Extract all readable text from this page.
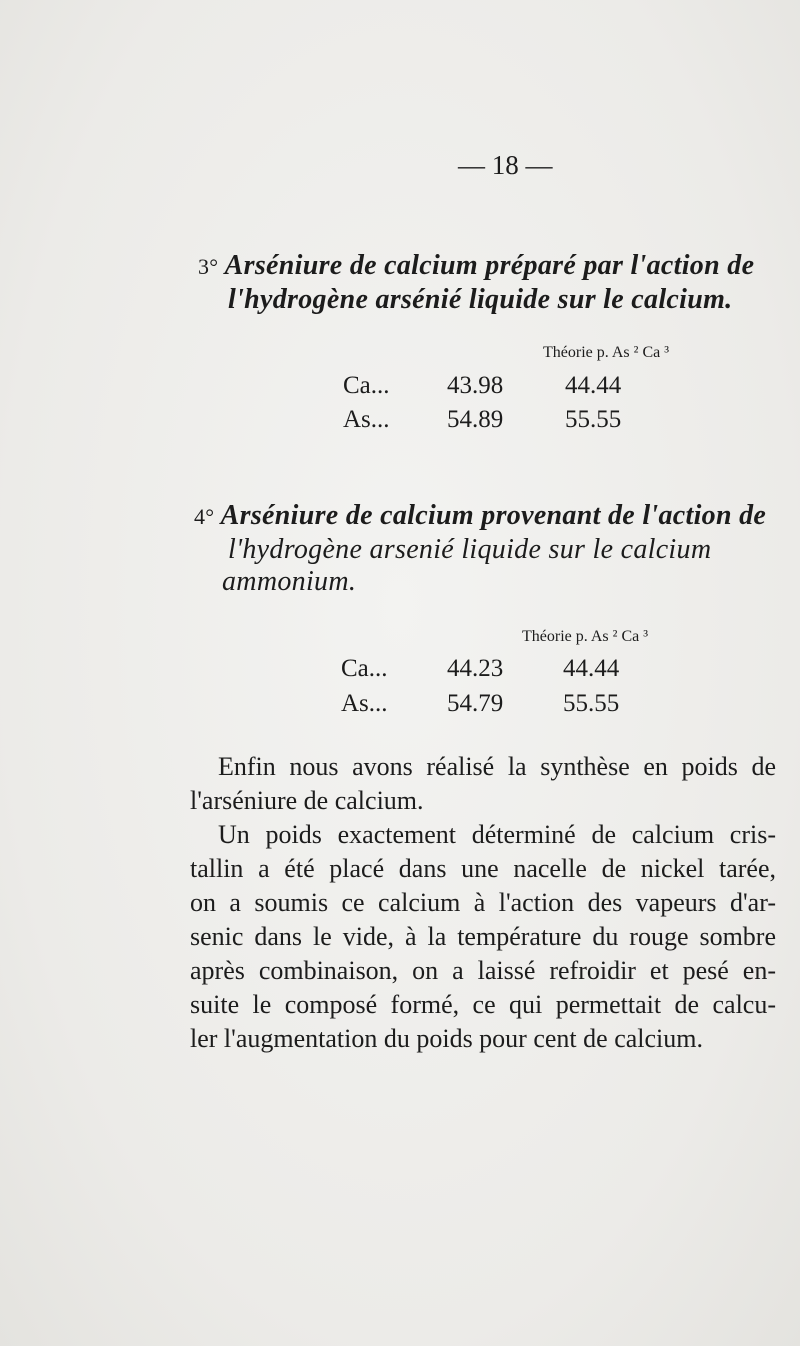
— 18 —
3° Arséniure de calcium préparé par l'action de
l'hydrogène arsénié liquide sur le calcium.
Théorie p. As ² Ca ³
Ca...	43.98 44.44
As...	54.89 55.55
4° Arséniure de calcium provenant de l'action de
l'hydrogène arsenié liquide sur le calcium
ammonium.
Théorie p. As ² Ca ³
Ca...	44.23 44.44
As...	54.79 55.55
Enfin nous avons réalisé la synthèse en poids de
l'arséniure de calcium.
Un poids exactement déterminé de calcium cris-
tallin a été placé dans une nacelle de nickel tarée,
on a soumis ce calcium à l'action des vapeurs d'ar-
senic dans le vide, à la température du rouge sombre
après combinaison, on a laissé refroidir et pesé en-
suite le composé formé, ce qui permettait de calcu-
ler l'augmentation du poids pour cent de calcium.
